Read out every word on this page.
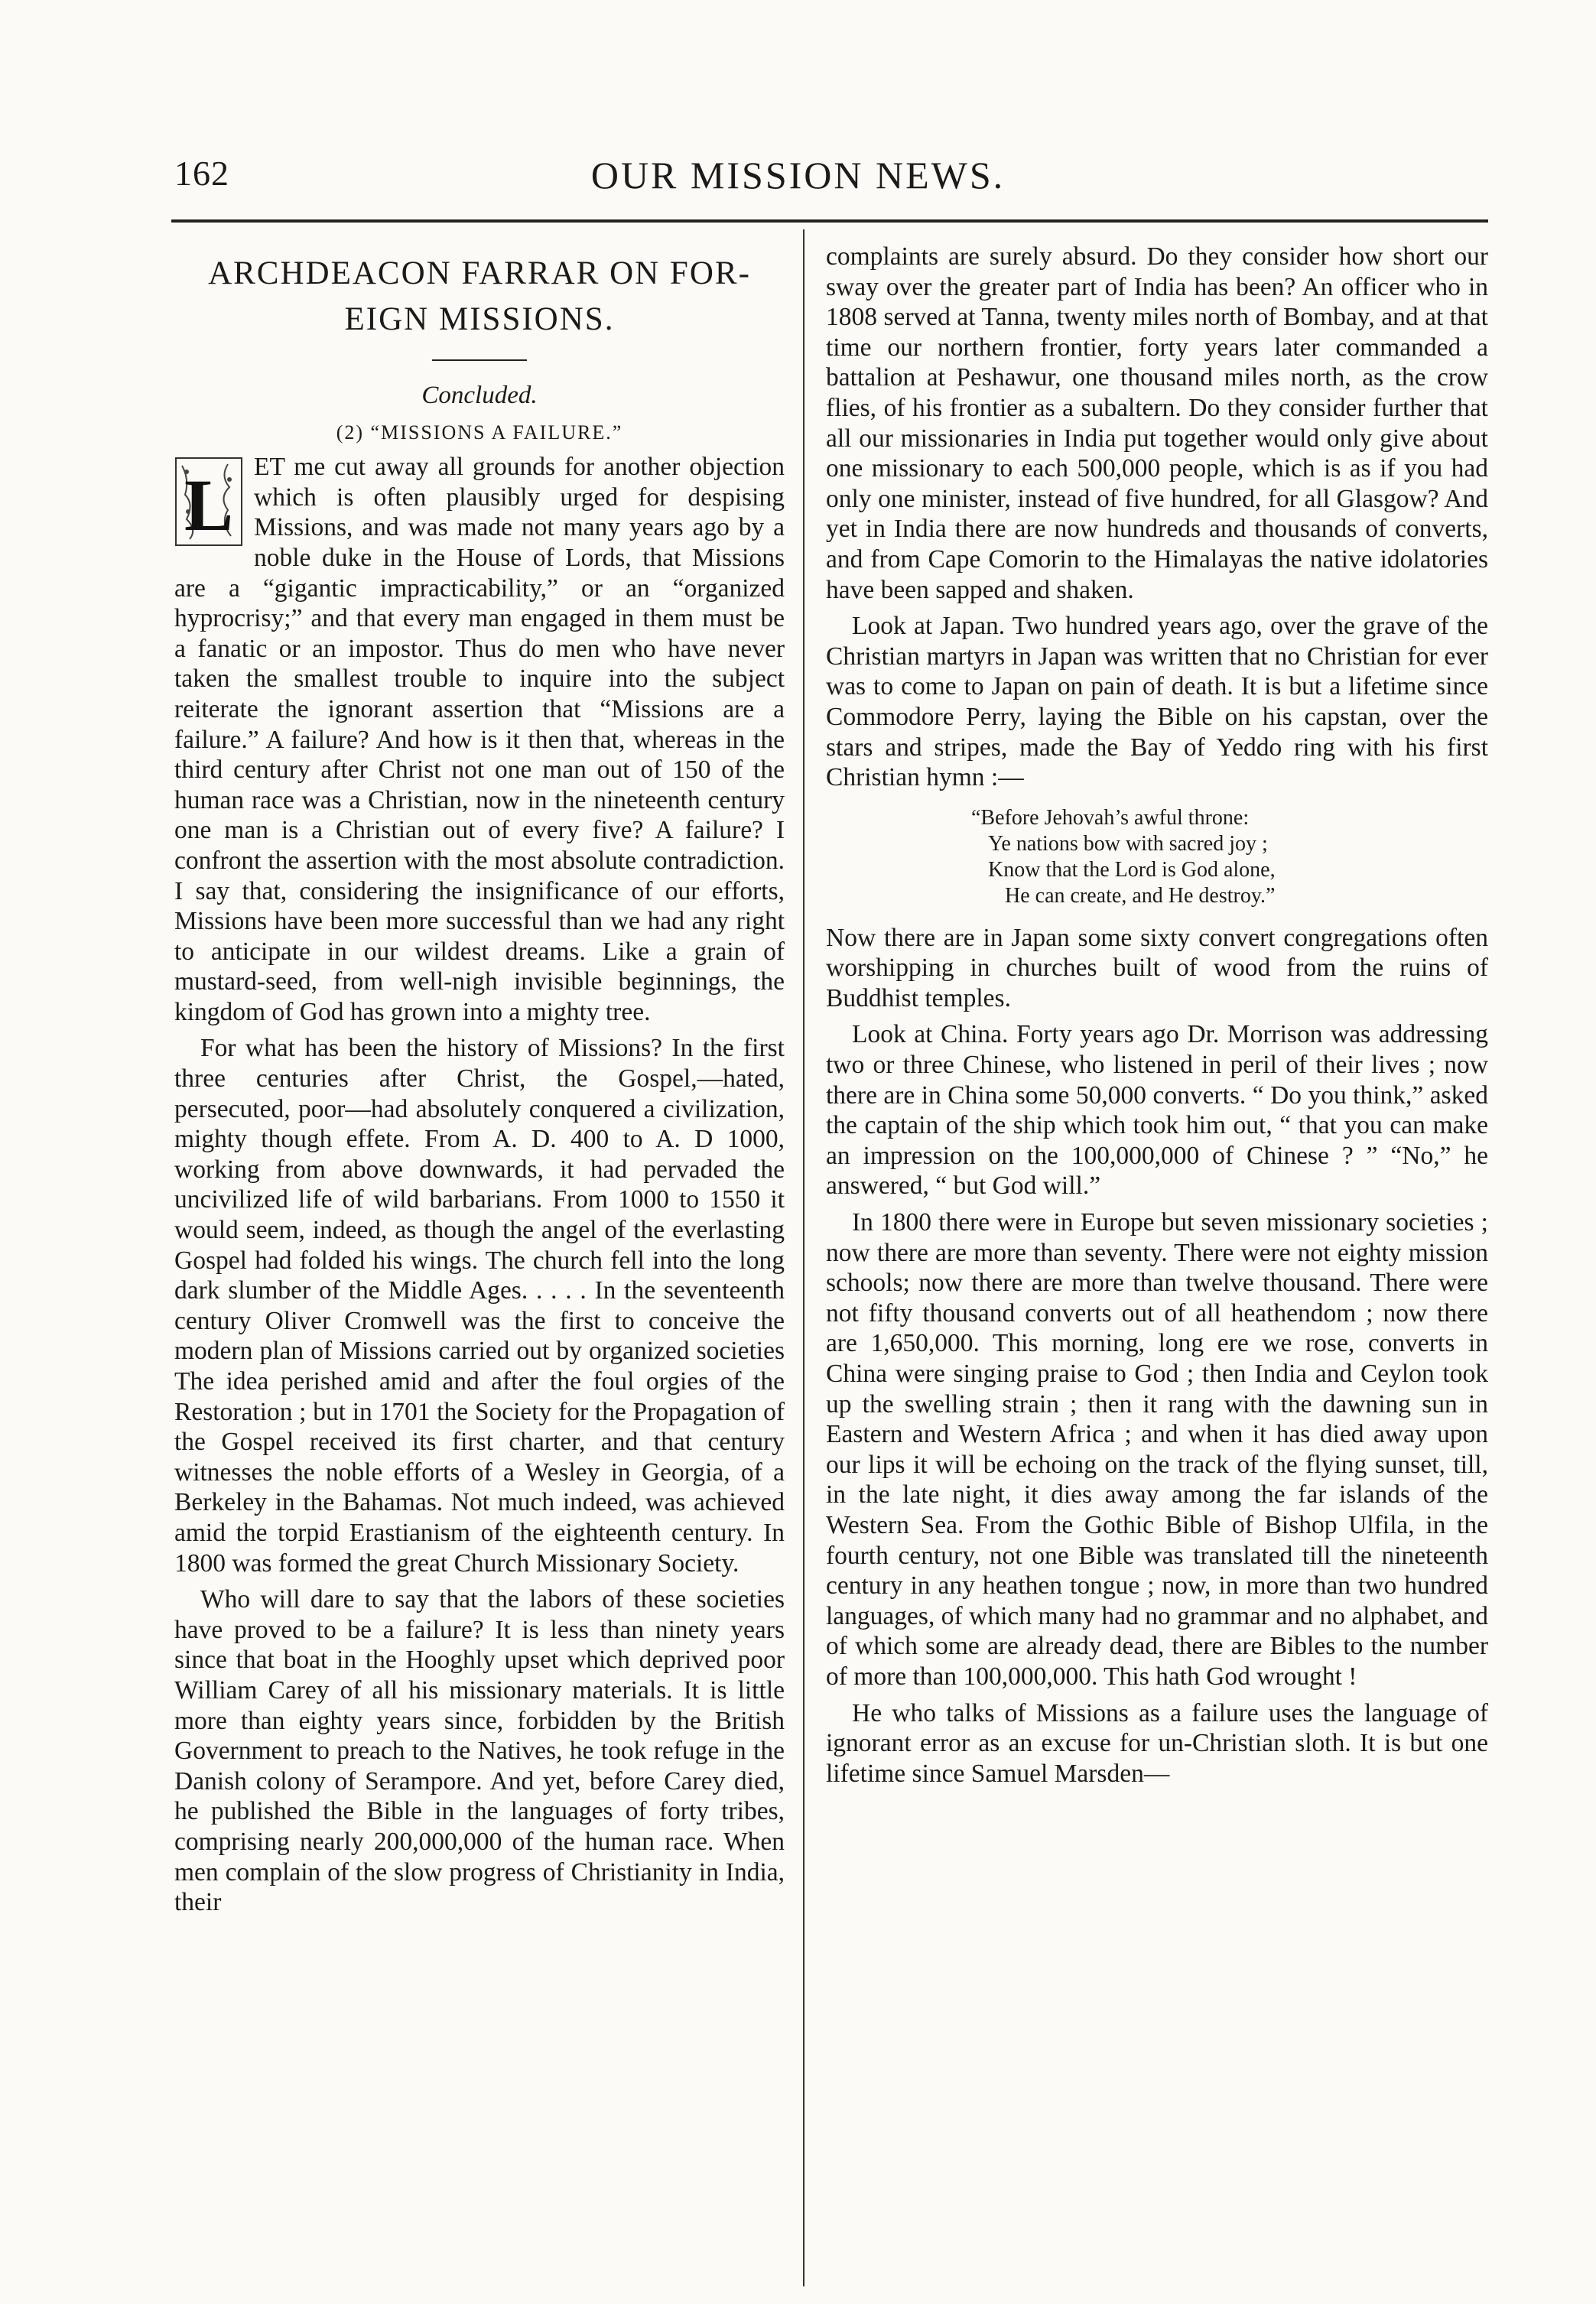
162	OUR MISSION NEWS.
ARCHDEACON FARRAR ON FOR-
EIGN MISSIONS.
Concluded.
(2) “MISSIONS A FAILURE.”

L ET me cut away all grounds for another objection which is often plausibly urged for despising Missions, and was made not many years ago by a noble duke in the House of Lords, that Missions are a “gigantic impracticability,” or an “organized hyprocrisy;” and that every man engaged in them must be a fanatic or an impostor. Thus do men who have never taken the smallest trouble to inquire into the subject reiterate the ignorant assertion that “Missions are a failure.” A failure? And how is it then that, whereas in the third century after Christ not one man out of 150 of the human race was a Christian, now in the nineteenth century one man is a Christian out of every five? A failure? I confront the assertion with the most absolute contradiction. I say that, considering the insignificance of our efforts, Missions have been more successful than we had any right to anticipate in our wildest dreams. Like a grain of mustard-seed, from well-nigh invisible beginnings, the kingdom of God has grown into a mighty tree.

For what has been the history of Missions? In the first three centuries after Christ, the Gospel,—hated, persecuted, poor—had absolutely conquered a civilization, mighty though effete. From A. D. 400 to A. D 1000, working from above downwards, it had pervaded the uncivilized life of wild barbarians. From 1000 to 1550 it would seem, indeed, as though the angel of the everlasting Gospel had folded his wings. The church fell into the long dark slumber of the Middle Ages. . . . . In the seventeenth century Oliver Cromwell was the first to conceive the modern plan of Missions carried out by organized societies The idea perished amid and after the foul orgies of the Restoration ; but in 1701 the Society for the Propagation of the Gospel received its first charter, and that century witnesses the noble efforts of a Wesley in Georgia, of a Berkeley in the Bahamas. Not much indeed, was achieved amid the torpid Erastianism of the eighteenth century. In 1800 was formed the great Church Missionary Society.

Who will dare to say that the labors of these societies have proved to be a failure? It is less than ninety years since that boat in the Hooghly upset which deprived poor William Carey of all his missionary materials. It is little more than eighty years since, forbidden by the British Government to preach to the Natives, he took refuge in the Danish colony of Serampore. And yet, before Carey died, he published the Bible in the languages of forty tribes, comprising nearly 200,000,000 of the human race. When men complain of the slow progress of Christianity in India, their

complaints are surely absurd. Do they consider how short our sway over the greater part of India has been? An officer who in 1808 served at Tanna, twenty miles north of Bombay, and at that time our northern frontier, forty years later commanded a battalion at Peshawur, one thousand miles north, as the crow flies, of his frontier as a subaltern. Do they consider further that all our missionaries in India put together would only give about one missionary to each 500,000 people, which is as if you had only one minister, instead of five hundred, for all Glasgow? And yet in India there are now hundreds and thousands of converts, and from Cape Comorin to the Himalayas the native idolatories have been sapped and shaken.

Look at Japan. Two hundred years ago, over the grave of the Christian martyrs in Japan was written that no Christian for ever was to come to Japan on pain of death. It is but a lifetime since Commodore Perry, laying the Bible on his capstan, over the stars and stripes, made the Bay of Yeddo ring with his first Christian hymn :—

“Before Jehovah’s awful throne:
Ye nations bow with sacred joy ;
Know that the Lord is God alone,
He can create, and He destroy.”

Now there are in Japan some sixty convert congregations often worshipping in churches built of wood from the ruins of Buddhist temples.

Look at China. Forty years ago Dr. Morrison was addressing two or three Chinese, who listened in peril of their lives ; now there are in China some 50,000 converts. “ Do you think,” asked the captain of the ship which took him out, “ that you can make an impression on the 100,000,000 of Chinese ? ” “No,” he answered, “ but God will.”

In 1800 there were in Europe but seven missionary societies ; now there are more than seventy. There were not eighty mission schools; now there are more than twelve thousand. There were not fifty thousand converts out of all heathendom ; now there are 1,650,000. This morning, long ere we rose, converts in China were singing praise to God ; then India and Ceylon took up the swelling strain ; then it rang with the dawning sun in Eastern and Western Africa ; and when it has died away upon our lips it will be echoing on the track of the flying sunset, till, in the late night, it dies away among the far islands of the Western Sea. From the Gothic Bible of Bishop Ulfila, in the fourth century, not one Bible was translated till the nineteenth century in any heathen tongue ; now, in more than two hundred languages, of which many had no grammar and no alphabet, and of which some are already dead, there are Bibles to the number of more than 100,000,000. This hath God wrought !

He who talks of Missions as a failure uses the language of ignorant error as an excuse for un-Christian sloth. It is but one lifetime since Samuel Marsden—
